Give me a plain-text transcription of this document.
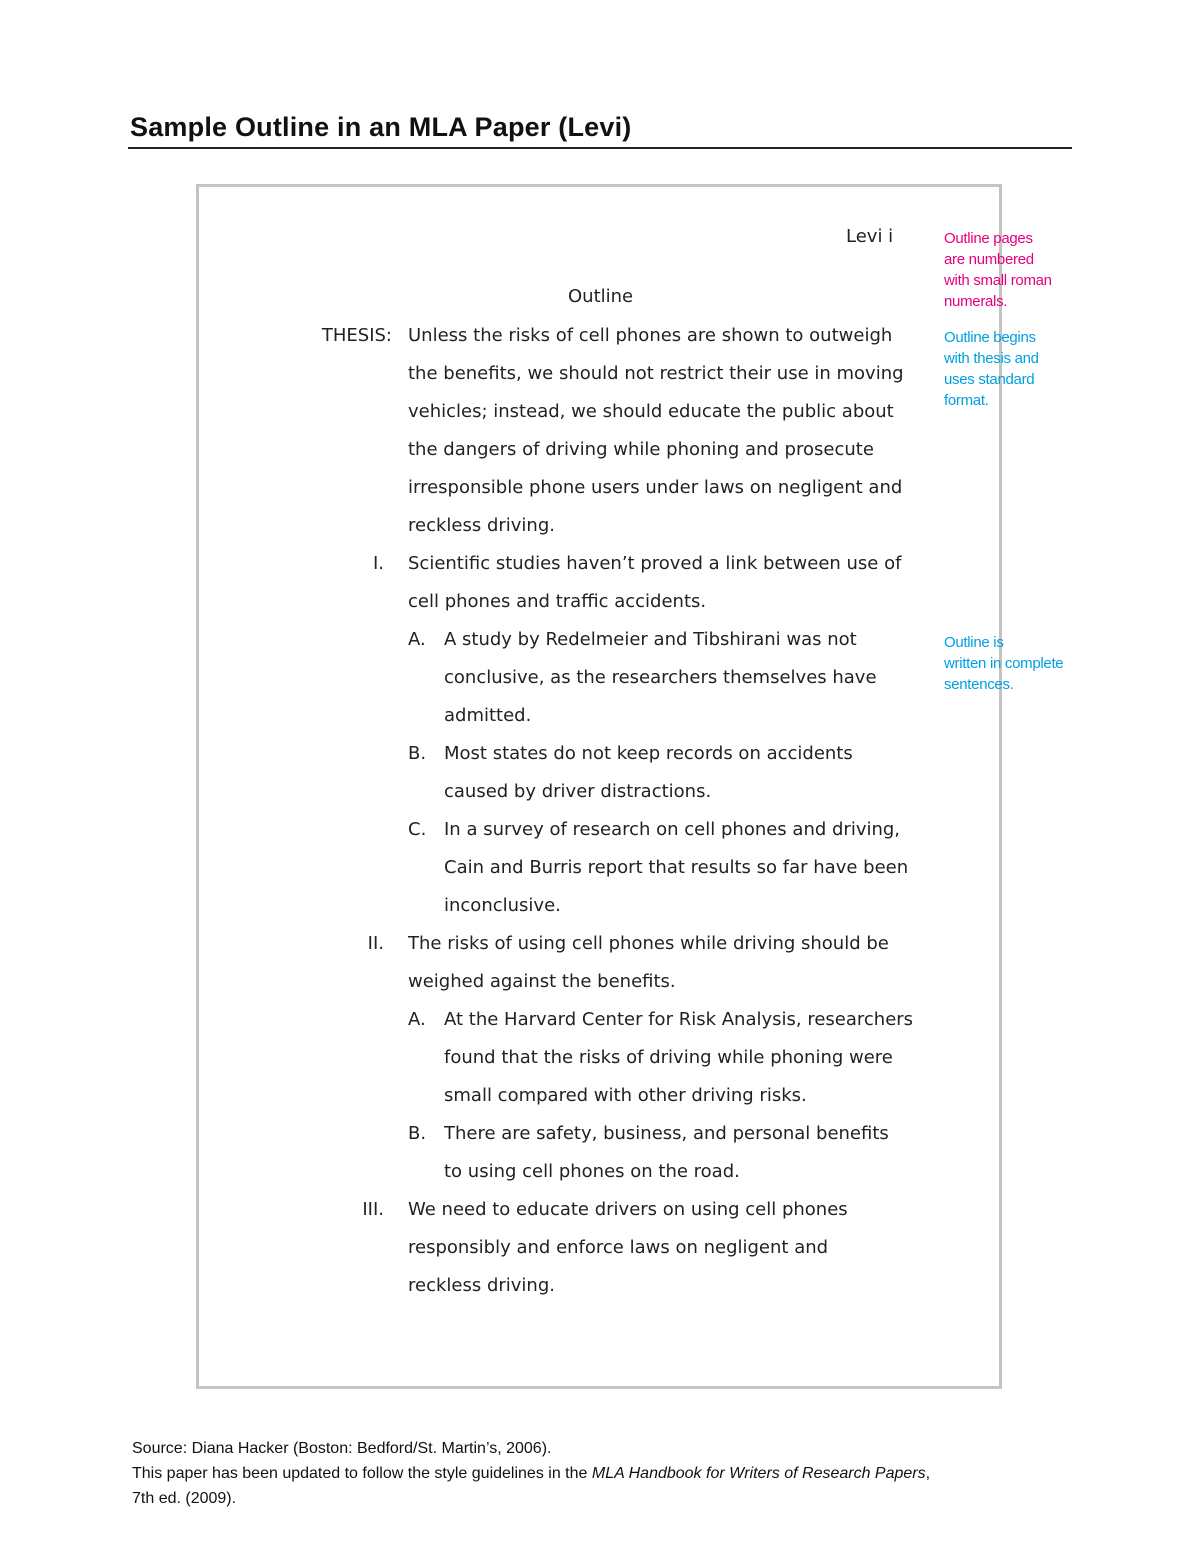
Sample Outline in an MLA Paper (Levi)
Levi i
Outline
THESIS: Unless the risks of cell phones are shown to outweigh
the benefits, we should not restrict their use in moving
vehicles; instead, we should educate the public about
the dangers of driving while phoning and prosecute
irresponsible phone users under laws on negligent and
reckless driving.
I. Scientific studies haven’t proved a link between use of
cell phones and traffic accidents.
A. A study by Redelmeier and Tibshirani was not
conclusive, as the researchers themselves have
admitted.
B. Most states do not keep records on accidents
caused by driver distractions.
C. In a survey of research on cell phones and driving,
Cain and Burris report that results so far have been
inconclusive.
II. The risks of using cell phones while driving should be
weighed against the benefits.
A. At the Harvard Center for Risk Analysis, researchers
found that the risks of driving while phoning were
small compared with other driving risks.
B. There are safety, business, and personal benefits
to using cell phones on the road.
III. We need to educate drivers on using cell phones
responsibly and enforce laws on negligent and
reckless driving.
Outline pages
are numbered
with small roman
numerals.
Outline begins
with thesis and
uses standard
format.
Outline is
written in complete
sentences.
Source: Diana Hacker (Boston: Bedford/St. Martin’s, 2006).
This paper has been updated to follow the style guidelines in the MLA Handbook for Writers of Research Papers,
7th ed. (2009).
